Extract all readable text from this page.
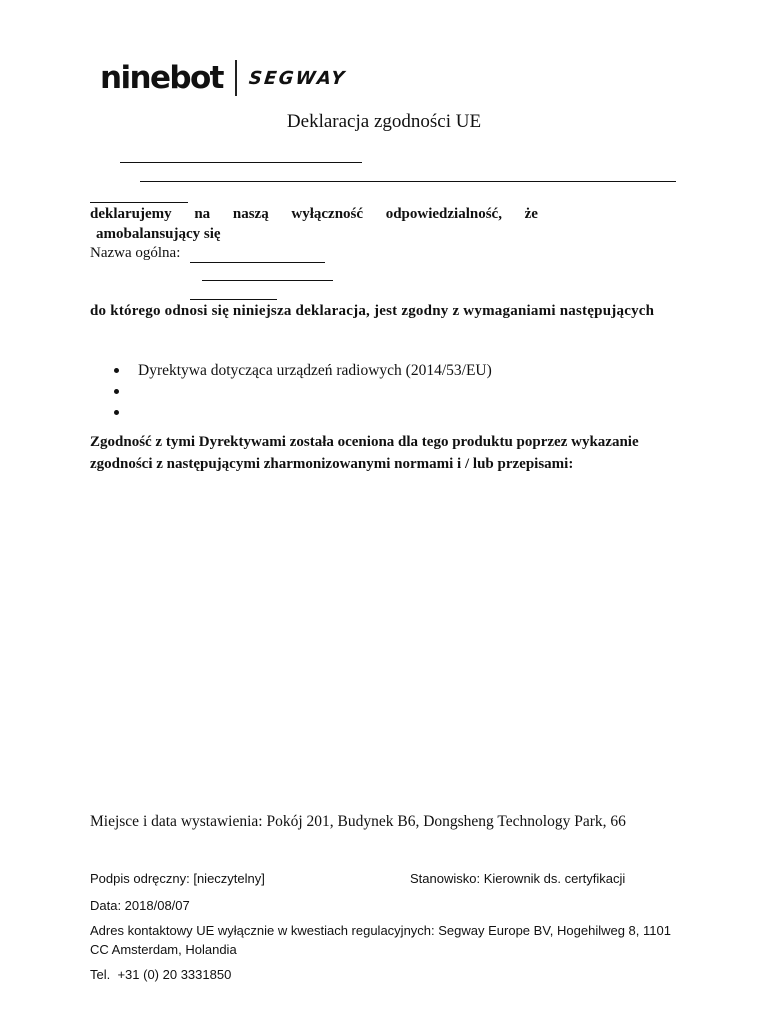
ninebot SEGWAY
Deklaracja zgodności UE
deklarujemy na naszą wyłączność odpowiedzialność, że
amobalansujący się
Nazwa ogólna:
do którego odnosi się niniejsza deklaracja, jest zgodny z wymaganiami następujących
Dyrektywa dotycząca urządzeń radiowych (2014/53/EU)
Zgodność z tymi Dyrektywami została oceniona dla tego produktu poprzez wykazanie
zgodności z następującymi zharmonizowanymi normami i / lub przepisami:
Miejsce i data wystawienia: Pokój 201, Budynek B6, Dongsheng Technology Park, 66
Podpis odręczny: [nieczytelny]	Stanowisko: Kierownik ds. certyfikacji
Data: 2018/08/07
Adres kontaktowy UE wyłącznie w kwestiach regulacyjnych: Segway Europe BV, Hogehilweg 8, 1101
CC Amsterdam, Holandia
Tel.  +31 (0) 20 3331850
